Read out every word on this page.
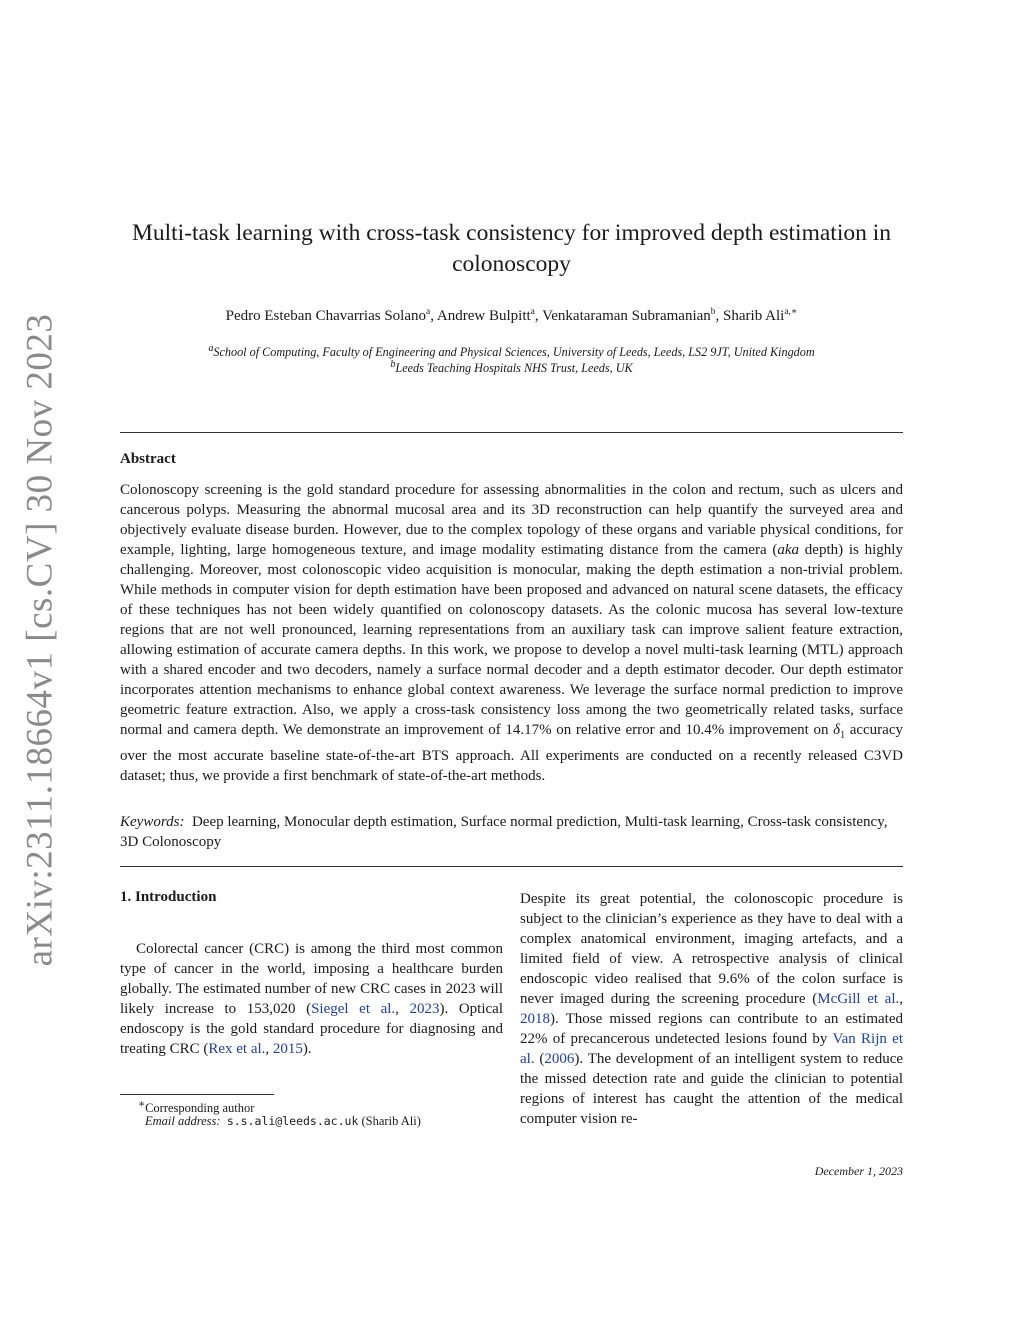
arXiv:2311.18664v1 [cs.CV] 30 Nov 2023
Multi-task learning with cross-task consistency for improved depth estimation in colonoscopy
Pedro Esteban Chavarrias Solano$^a$, Andrew Bulpitt$^a$, Venkataraman Subramanian$^b$, Sharib Ali$^{a,∗}$
$^a$School of Computing, Faculty of Engineering and Physical Sciences, University of Leeds, Leeds, LS2 9JT, United Kingdom
$^b$Leeds Teaching Hospitals NHS Trust, Leeds, UK
Abstract
Colonoscopy screening is the gold standard procedure for assessing abnormalities in the colon and rectum, such as ulcers and cancerous polyps. Measuring the abnormal mucosal area and its 3D reconstruction can help quantify the surveyed area and objectively evaluate disease burden. However, due to the complex topology of these organs and variable physical conditions, for example, lighting, large homogeneous texture, and image modality estimating distance from the camera (aka depth) is highly challenging. Moreover, most colonoscopic video acquisition is monocular, making the depth estimation a non-trivial problem. While methods in computer vision for depth estimation have been proposed and advanced on natural scene datasets, the efficacy of these techniques has not been widely quantified on colonoscopy datasets. As the colonic mucosa has several low-texture regions that are not well pronounced, learning representations from an auxiliary task can improve salient feature extraction, allowing estimation of accurate camera depths. In this work, we propose to develop a novel multi-task learning (MTL) approach with a shared encoder and two decoders, namely a surface normal decoder and a depth estimator decoder. Our depth estimator incorporates attention mechanisms to enhance global context awareness. We leverage the surface normal prediction to improve geometric feature extraction. Also, we apply a cross-task consistency loss among the two geometrically related tasks, surface normal and camera depth. We demonstrate an improvement of 14.17% on relative error and 10.4% improvement on $\delta_1$ accuracy over the most accurate baseline state-of-the-art BTS approach. All experiments are conducted on a recently released C3VD dataset; thus, we provide a first benchmark of state-of-the-art methods.
Keywords: Deep learning, Monocular depth estimation, Surface normal prediction, Multi-task learning, Cross-task consistency, 3D Colonoscopy
1. Introduction
Colorectal cancer (CRC) is among the third most common type of cancer in the world, imposing a healthcare burden globally. The estimated number of new CRC cases in 2023 will likely increase to 153,020 (Siegel et al., 2023). Optical endoscopy is the gold standard procedure for diagnosing and treating CRC (Rex et al., 2015).
Despite its great potential, the colonoscopic procedure is subject to the clinician’s experience as they have to deal with a complex anatomical environment, imaging artefacts, and a limited field of view. A retrospective analysis of clinical endoscopic video realised that 9.6% of the colon surface is never imaged during the screening procedure (McGill et al., 2018). Those missed regions can contribute to an estimated 22% of precancerous undetected lesions found by Van Rijn et al. (2006). The development of an intelligent system to reduce the missed detection rate and guide the clinician to potential regions of interest has caught the attention of the medical computer vision re-
∗Corresponding author
Email address: s.s.ali@leeds.ac.uk (Sharib Ali)
December 1, 2023
